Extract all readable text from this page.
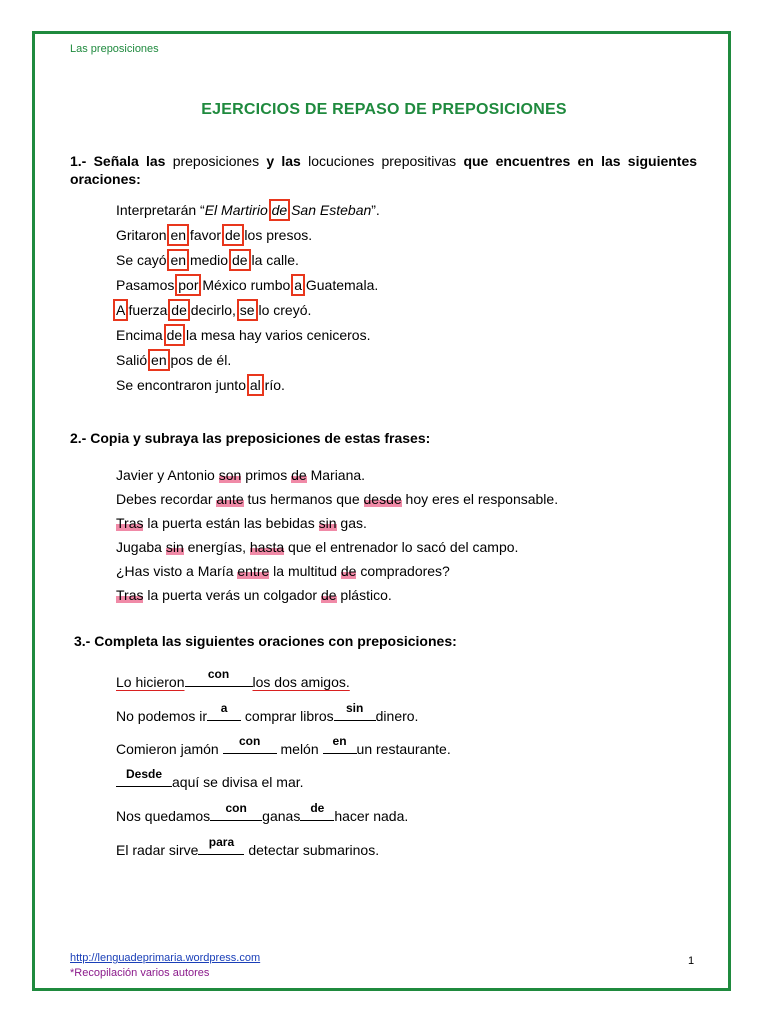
Las preposiciones
EJERCICIOS DE REPASO DE PREPOSICIONES
1.- Señala las preposiciones y las locuciones prepositivas que encuentres en las siguientes oraciones:
Interpretarán “El Martirio de San Esteban”.
Gritaron en favor de los presos.
Se cayó en medio de la calle.
Pasamos por México rumbo a Guatemala.
A fuerza de decirlo, se lo creyó.
Encima de la mesa hay varios ceniceros.
Salió en pos de él.
Se encontraron junto al río.
2.- Copia y subraya las preposiciones de estas frases:
Javier y Antonio son primos de Mariana.
Debes recordar ante tus hermanos que desde hoy eres el responsable.
Tras la puerta están las bebidas sin gas.
Jugaba sin energías, hasta que el entrenador lo sacó del campo.
¿Has visto a María entre la multitud de compradores?
Tras la puerta verás un colgador de plástico.
3.- Completa las siguientes oraciones con preposiciones:
Lo hicieron	con	los dos amigos.
No podemos ir	a comprar libros	sin dinero.
Comieron jamón	con	melón en un restaurante.
Desde aquí se divisa el mar.
Nos quedamos	con	ganas de hacer nada.
El radar sirve para detectar submarinos.
http://lenguadeprimaria.wordpress.com
*Recopilación varios autores
1
